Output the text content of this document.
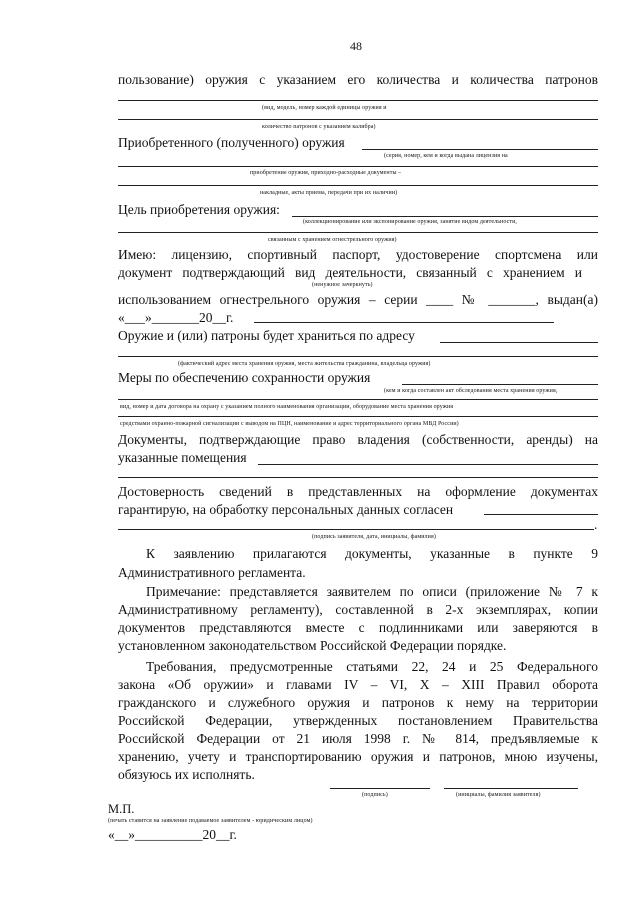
48
пользование) оружия с указанием его количества и количества патронов
(вид, модель, номер каждой единицы оружия и
количество патронов с указанием калибра)
Приобретенного (полученного) оружия
(серия, номер, кем и когда выдана лицензия на
приобретение оружия, приходно-расходные документы –
накладные, акты приема, передачи при их наличии)
Цель приобретения оружия:
(коллекционирование или экспонирование оружия, занятие видом деятельности,
связанным с хранением огнестрельного оружия)
Имею: лицензию, спортивный паспорт, удостоверение спортсмена или
документ подтверждающий вид деятельности, связанный с хранением и
(ненужное зачеркнуть)
использованием огнестрельного оружия – серии ____ № _______, выдан(а)
«___»_______20__г.
Оружие и (или) патроны будет храниться по адресу
(фактический адрес места хранения оружия, места жительства гражданина, владельца оружия)
Меры по обеспечению сохранности оружия
(кем и когда составлен акт обследования места хранения оружия,
вид, номер и дата договора на охрану с указанием полного наименования организации, оборудование места хранения оружия
средствами охранно-пожарной сигнализации с выводом на ПЦН, наименование и адрес территориального органа МВД России)
Документы, подтверждающие право владения (собственности, аренды) на
указанные помещения
Достоверность сведений в представленных на оформление документах
гарантирую, на обработку персональных данных согласен
.
(подпись заявителя, дата, инициалы, фамилия)
К заявлению прилагаются документы, указанные в пункте 9
Административного регламента.
Примечание: представляется заявителем по описи (приложение № 7 к
Административному регламенту), составленной в 2-х экземплярах, копии
документов представляются вместе с подлинниками или заверяются в
установленном законодательством Российской Федерации порядке.
Требования, предусмотренные статьями 22, 24 и 25 Федерального
закона «Об оружии» и главами IV – VI, X – XIII Правил оборота
гражданского и служебного оружия и патронов к нему на территории
Российской Федерации, утвержденных постановлением Правительства
Российской Федерации от 21 июля 1998 г. № 814, предъявляемые к
хранению, учету и транспортированию оружия и патронов, мною изучены,
обязуюсь их исполнять.
(подпись)	(инициалы, фамилия заявителя)
М.П.
(печать ставится на заявление подаваемое заявителем - юридическим лицом)
«__»__________20__г.
